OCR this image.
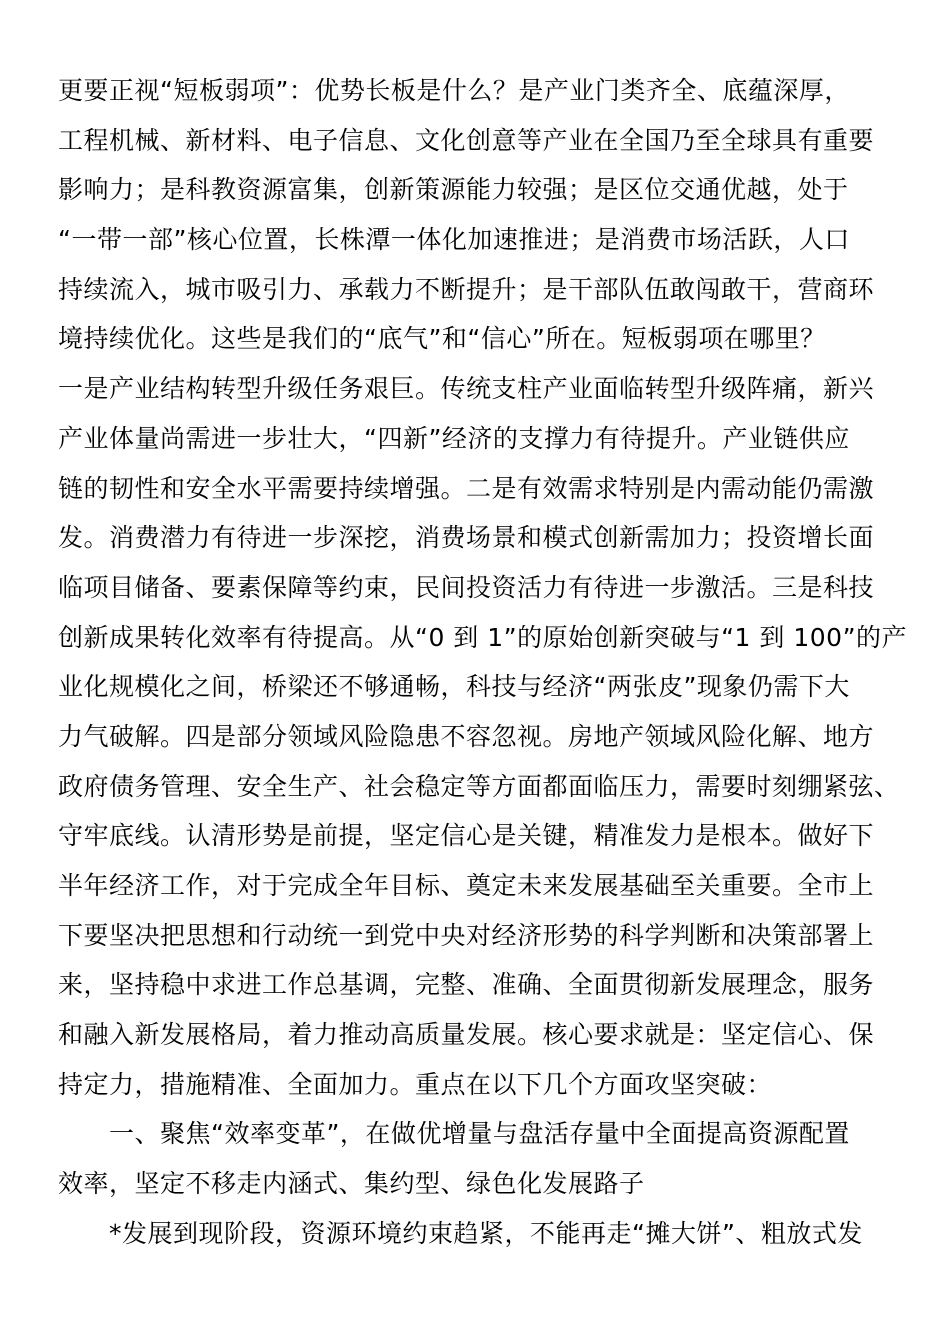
更要正视“短板弱项”：优势长板是什么？是产业门类齐全、底蕴深厚，
工程机械、新材料、电子信息、文化创意等产业在全国乃至全球具有重要
影响力；是科教资源富集，创新策源能力较强；是区位交通优越，处于
“一带一部”核心位置，长株潭一体化加速推进；是消费市场活跃，人口
持续流入，城市吸引力、承载力不断提升；是干部队伍敢闯敢干，营商环
境持续优化。这些是我们的“底气”和“信心”所在。短板弱项在哪里？
一是产业结构转型升级任务艰巨。传统支柱产业面临转型升级阵痛，新兴
产业体量尚需进一步壮大，“四新”经济的支撑力有待提升。产业链供应
链的韧性和安全水平需要持续增强。二是有效需求特别是内需动能仍需激
发。消费潜力有待进一步深挖，消费场景和模式创新需加力；投资增长面
临项目储备、要素保障等约束，民间投资活力有待进一步激活。三是科技
创新成果转化效率有待提高。从“0 到 1”的原始创新突破与“1 到 100”的产
业化规模化之间，桥梁还不够通畅，科技与经济“两张皮”现象仍需下大
力气破解。四是部分领域风险隐患不容忽视。房地产领域风险化解、地方
政府债务管理、安全生产、社会稳定等方面都面临压力，需要时刻绷紧弦、
守牢底线。认清形势是前提，坚定信心是关键，精准发力是根本。做好下
半年经济工作，对于完成全年目标、奠定未来发展基础至关重要。全市上
下要坚决把思想和行动统一到党中央对经济形势的科学判断和决策部署上
来，坚持稳中求进工作总基调，完整、准确、全面贯彻新发展理念，服务
和融入新发展格局，着力推动高质量发展。核心要求就是：坚定信心、保
持定力，措施精准、全面加力。重点在以下几个方面攻坚突破：
　　一、聚焦“效率变革”，在做优增量与盘活存量中全面提高资源配置
效率，坚定不移走内涵式、集约型、绿色化发展路子
　　*发展到现阶段，资源环境约束趋紧，不能再走“摊大饼”、粗放式发
